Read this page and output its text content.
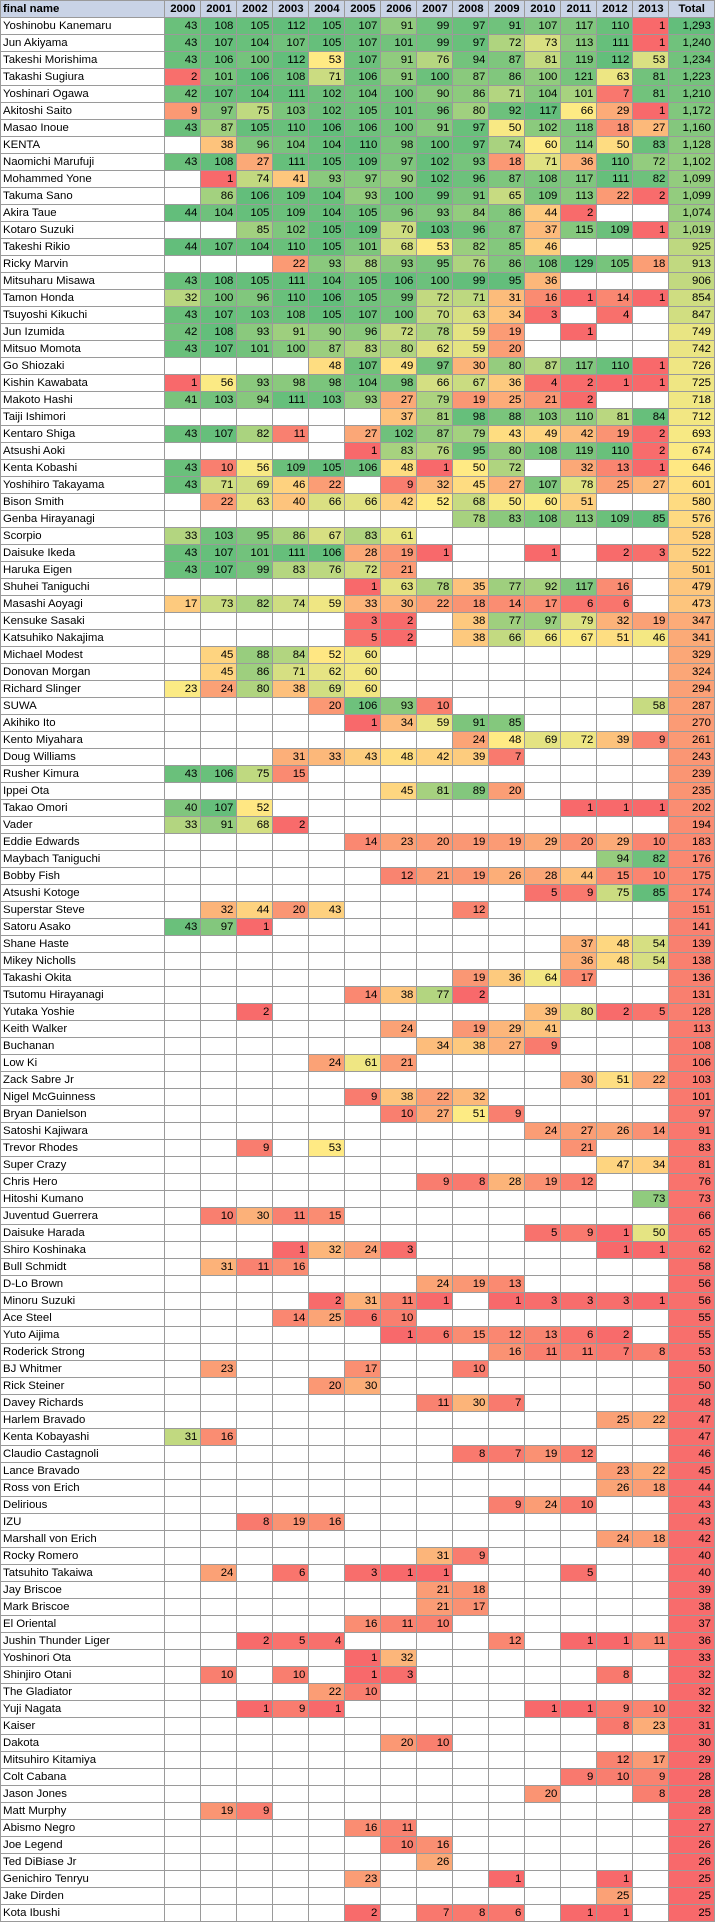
final name	2000	2001	2002	2003	2004	2005	2006	2007	2008	2009	2010	2011	2012	2013	Total
Yoshinobu Kanemaru	43	108	105	112	105	107	91	99	97	91	107	117	110	1	1,293
Jun Akiyama	43	107	104	107	105	107	101	99	97	72	73	113	111	1	1,240
Takeshi Morishima	43	106	100	112	53	107	91	76	94	87	81	119	112	53	1,234
Takashi Sugiura	2	101	106	108	71	106	91	100	87	86	100	121	63	81	1,223
Yoshinari Ogawa	42	107	104	111	102	104	100	90	86	71	104	101	7	81	1,210
Akitoshi Saito	9	97	75	103	102	105	101	96	80	92	117	66	29	1	1,172
Masao Inoue	43	87	105	110	106	106	100	91	97	50	102	118	18	27	1,160
KENTA		38	96	104	104	110	98	100	97	74	60	114	50	83	1,128
Naomichi Marufuji	43	108	27	111	105	109	97	102	93	18	71	36	110	72	1,102
Mohammed Yone		1	74	41	93	97	90	102	96	87	108	117	111	82	1,099
Takuma Sano		86	106	109	104	93	100	99	91	65	109	113	22	2	1,099
Akira Taue	44	104	105	109	104	105	96	93	84	86	44	2			1,074
Kotaro Suzuki			85	102	105	109	70	103	96	87	37	115	109	1	1,019
Takeshi Rikio	44	107	104	110	105	101	68	53	82	85	46				925
Ricky Marvin				22	93	88	93	95	76	86	108	129	105	18	913
Mitsuharu Misawa	43	108	105	111	104	105	106	100	99	95	36				906
Tamon Honda	32	100	96	110	106	105	99	72	71	31	16	1	14	1	854
Tsuyoshi Kikuchi	43	107	103	108	105	107	100	70	63	34	3		4		847
Jun Izumida	42	108	93	91	90	96	72	78	59	19		1			749
Mitsuo Momota	43	107	101	100	87	83	80	62	59	20					742
Go Shiozaki					48	107	49	97	30	80	87	117	110	1	726
Kishin Kawabata	1	56	93	98	98	104	98	66	67	36	4	2	1	1	725
Makoto Hashi	41	103	94	111	103	93	27	79	19	25	21	2			718
Taiji Ishimori							37	81	98	88	103	110	81	84	712
Kentaro Shiga	43	107	82	11		27	102	87	79	43	49	42	19	2	693
Atsushi Aoki						1	83	76	95	80	108	119	110	2	674
Kenta Kobashi	43	10	56	109	105	106	48	1	50	72		32	13	1	646
Yoshihiro Takayama	43	71	69	46	22		9	32	45	27	107	78	25	27	601
Bison Smith		22	63	40	66	66	42	52	68	50	60	51			580
Genba Hirayanagi									78	83	108	113	109	85	576
Scorpio	33	103	95	86	67	83	61								528
Daisuke Ikeda	43	107	101	111	106	28	19	1			1		2	3	522
Haruka Eigen	43	107	99	83	76	72	21								501
Shuhei Taniguchi						1	63	78	35	77	92	117	16		479
Masashi Aoyagi	17	73	82	74	59	33	30	22	18	14	17	6	6		473
Kensuke Sasaki						3	2		38	77	97	79	32	19	347
Katsuhiko Nakajima						5	2		38	66	66	67	51	46	341
Michael Modest		45	88	84	52	60									329
Donovan Morgan		45	86	71	62	60									324
Richard Slinger	23	24	80	38	69	60									294
SUWA					20	106	93	10						58	287
Akihiko Ito						1	34	59	91	85					270
Kento Miyahara									24	48	69	72	39	9	261
Doug Williams				31	33	43	48	42	39	7					243
Rusher Kimura	43	106	75	15											239
Ippei Ota							45	81	89	20					235
Takao Omori	40	107	52									1	1	1	202
Vader	33	91	68	2											194
Eddie Edwards						14	23	20	19	19	29	20	29	10	183
Maybach Taniguchi													94	82	176
Bobby Fish							12	21	19	26	28	44	15	10	175
Atsushi Kotoge											5	9	75	85	174
Superstar Steve		32	44	20	43				12						151
Satoru Asako	43	97	1												141
Shane Haste												37	48	54	139
Mikey Nicholls												36	48	54	138
Takashi Okita									19	36	64	17			136
Tsutomu Hirayanagi						14	38	77	2						131
Yutaka Yoshie			2								39	80	2	5	128
Keith Walker							24		19	29	41				113
Buchanan								34	38	27	9				108
Low Ki					24	61	21								106
Zack Sabre Jr												30	51	22	103
Nigel McGuinness						9	38	22	32						101
Bryan Danielson							10	27	51	9					97
Satoshi Kajiwara											24	27	26	14	91
Trevor Rhodes			9		53							21			83
Super Crazy													47	34	81
Chris Hero								9	8	28	19	12			76
Hitoshi Kumano														73	73
Juventud Guerrera		10	30	11	15										66
Daisuke Harada											5	9	1	50	65
Shiro Koshinaka				1	32	24	3						1	1	62
Bull Schmidt		31	11	16											58
D-Lo Brown								24	19	13					56
Minoru Suzuki					2	31	11	1		1	3	3	3	1	56
Ace Steel				14	25	6	10								55
Yuto Aijima							1	6	15	12	13	6	2		55
Roderick Strong										16	11	11	7	8	53
BJ Whitmer		23				17			10						50
Rick Steiner					20	30									50
Davey Richards								11	30	7					48
Harlem Bravado													25	22	47
Kenta Kobayashi	31	16													47
Claudio Castagnoli									8	7	19	12			46
Lance Bravado													23	22	45
Ross von Erich													26	18	44
Delirious										9	24	10			43
IZU			8	19	16										43
Marshall von Erich													24	18	42
Rocky Romero								31	9						40
Tatsuhito Takaiwa		24		6		3	1	1				5			40
Jay Briscoe								21	18						39
Mark Briscoe								21	17						38
El Oriental						16	11	10							37
Jushin Thunder Liger			2	5	4					12		1	1	11	36
Yoshinori Ota						1	32								33
Shinjiro Otani		10		10		1	3						8		32
The Gladiator					22	10									32
Yuji Nagata			1	9	1						1	1	9	10	32
Kaiser													8	23	31
Dakota							20	10							30
Mitsuhiro Kitamiya													12	17	29
Colt Cabana												9	10	9	28
Jason Jones											20			8	28
Matt Murphy		19	9												28
Abismo Negro						16	11								27
Joe Legend							10	16							26
Ted DiBiase Jr								26							26
Genichiro Tenryu						23				1			1		25
Jake Dirden													25		25
Kota Ibushi						2		7	8	6		1	1		25
